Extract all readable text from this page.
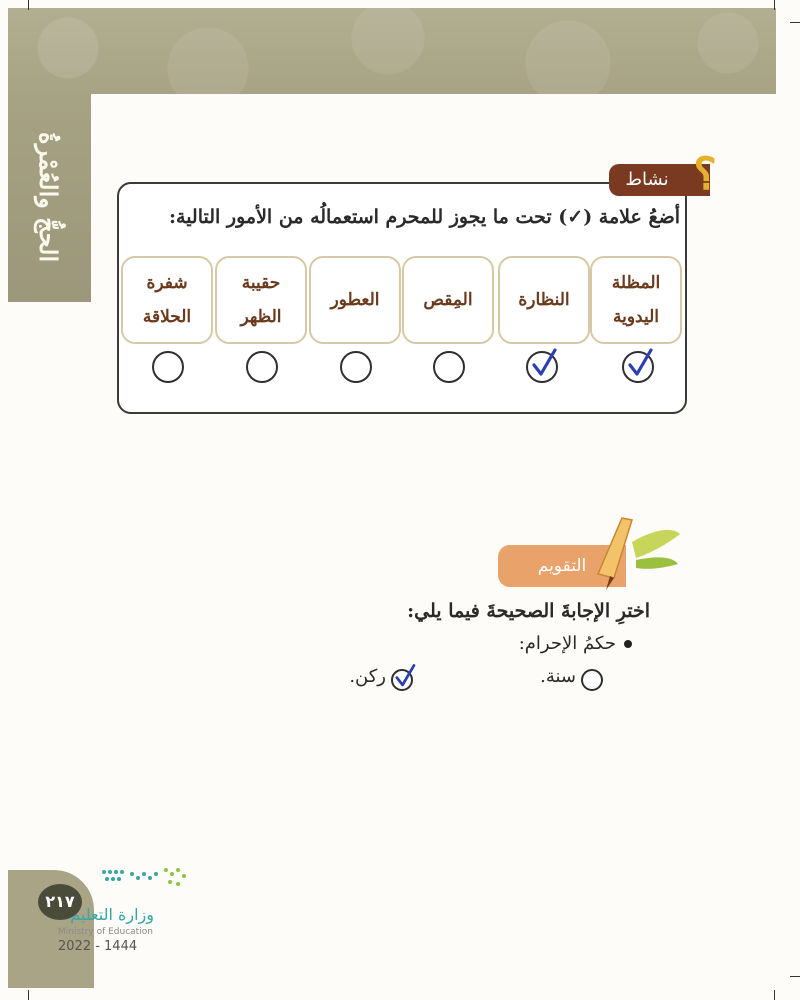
الحجُّ والعُمْرةُ	نشاط ؟
أضعُ علامة (✓) تحت ما يجوز للمحرم استعمالُه من الأمور التالية:
المظلة
اليدوية
النظارة
المِقص
العطور
حقيبة
الظهر
شفرة
الحلاقة
التقويم
اخترِ الإجابةَ الصحيحةَ فيما يلي:
حكمُ الإحرام:
سنة.
ركن.
٢١٧
وزارة التعليم
Ministry of Education
2022 - 1444
